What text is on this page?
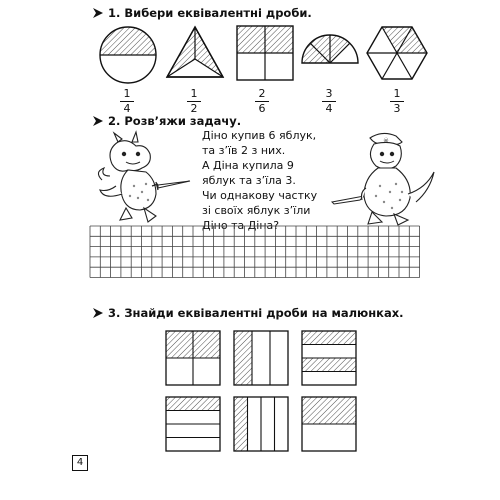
1. Вибери еквівалентні дроби.
1
4
1
2
2
6
3
4
1
3
2. Розв’яжи задачу.
Діно купив 6 яблук,
та з’їв 2 з них.
А Діна купила 9
яблук та з’їла 3.
Чи однакову частку
зі своїх яблук з’їли
Діно та Діна?
☠
3. Знайди еквівалентні дроби на малюнках.
4
